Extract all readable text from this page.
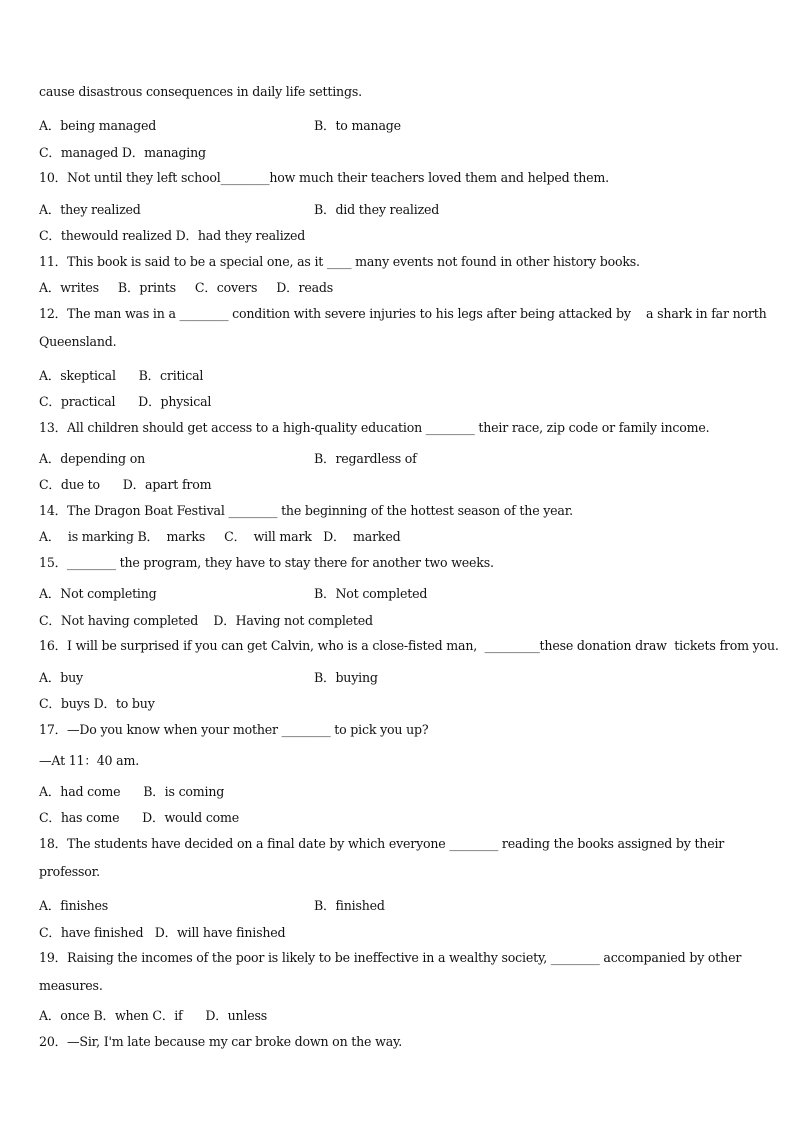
cause disastrous consequences in daily life settings.
A．being managed	B．to manage
C．managed D．managing
10．Not until they left school________how much their teachers loved them and helped them.
A．they realized	B．did they realized
C．thewould realized D．had they realized
11．This book is said to be a special one, as it ____ many events not found in other history books.
A．writes     B．prints     C．covers     D．reads
12．The man was in a ________ condition with severe injuries to his legs after being attacked by    a shark in far north
Queensland.
A．skeptical      B．critical
C．practical      D．physical
13．All children should get access to a high-quality education ________ their race, zip code or family income.
A．depending on	B．regardless of
C．due to      D．apart from
14．The Dragon Boat Festival ________ the beginning of the hottest season of the year.
A．  is marking B．  marks     C．  will mark   D．  marked
15．________ the program, they have to stay there for another two weeks.
A．Not completing	B．Not completed
C．Not having completed    D．Having not completed
16．I will be surprised if you can get Calvin, who is a close-fisted man,  _________these donation draw  tickets from you.
A．buy	B．buying
C．buys D．to buy
17．—Do you know when your mother ________ to pick you up?
—At 11：40 am.
A．had come      B．is coming
C．has come      D．would come
18．The students have decided on a final date by which everyone ________ reading the books assigned by their
professor.
A．finishes	B．finished
C．have finished   D．will have finished
19．Raising the incomes of the poor is likely to be ineffective in a wealthy society, ________ accompanied by other
measures.
A．once B．when C．if      D．unless
20．—Sir, I'm late because my car broke down on the way.
